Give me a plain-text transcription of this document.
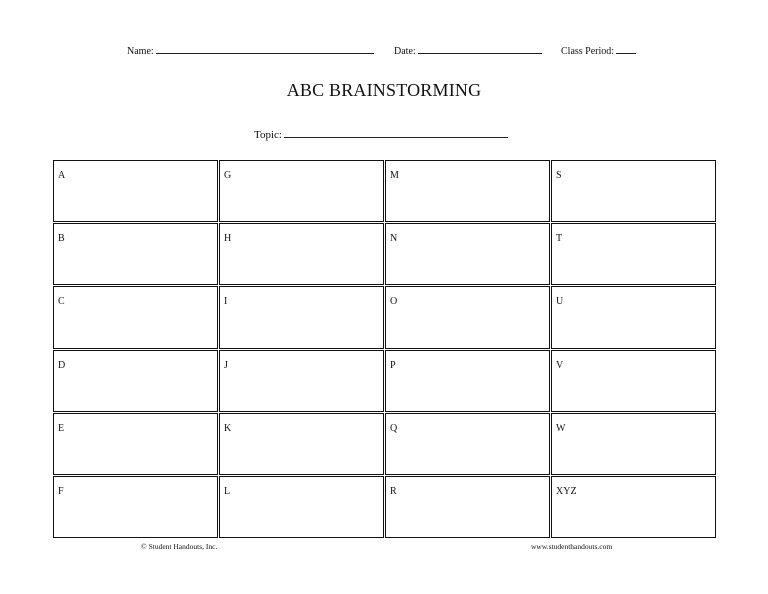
Name:	Date:	Class Period:
ABC BRAINSTORMING
Topic:
A	G	M	S
B	H	N	T
C	I	O	U
D	J	P	V
E	K	Q	W
F	L	R	XYZ
© Student Handouts, Inc.	www.studenthandouts.com
